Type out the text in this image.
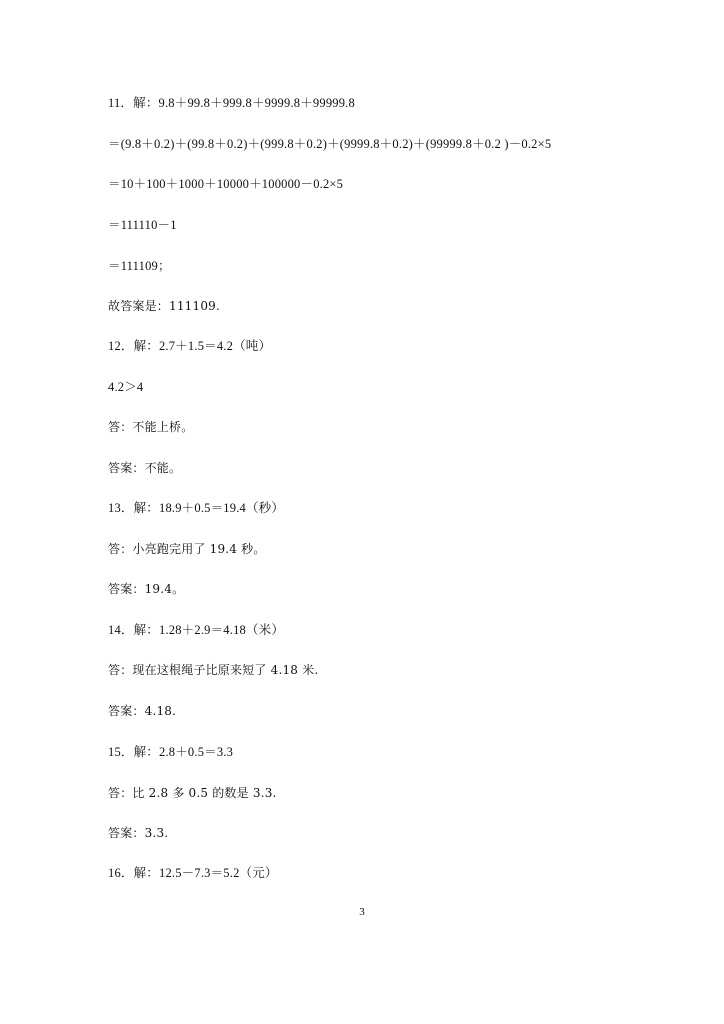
11．解：9.8＋99.8＋999.8＋9999.8＋99999.8
＝(9.8＋0.2)＋(99.8＋0.2)＋(999.8＋0.2)＋(9999.8＋0.2)＋(99999.8＋0.2 )－0.2×5
＝10＋100＋1000＋10000＋100000－0.2×5
＝111110－1
＝111109；
故答案是：111109.
12．解：2.7＋1.5＝4.2（吨）
4.2＞4
答：不能上桥。
答案：不能。
13．解：18.9＋0.5＝19.4（秒）
答：小亮跑完用了 19.4 秒。
答案：19.4。
14．解：1.28＋2.9＝4.18（米）
答：现在这根绳子比原来短了 4.18 米.
答案：4.18.
15．解：2.8＋0.5＝3.3
答：比 2.8 多 0.5 的数是 3.3.
答案：3.3.
16．解：12.5－7.3＝5.2（元）
3
